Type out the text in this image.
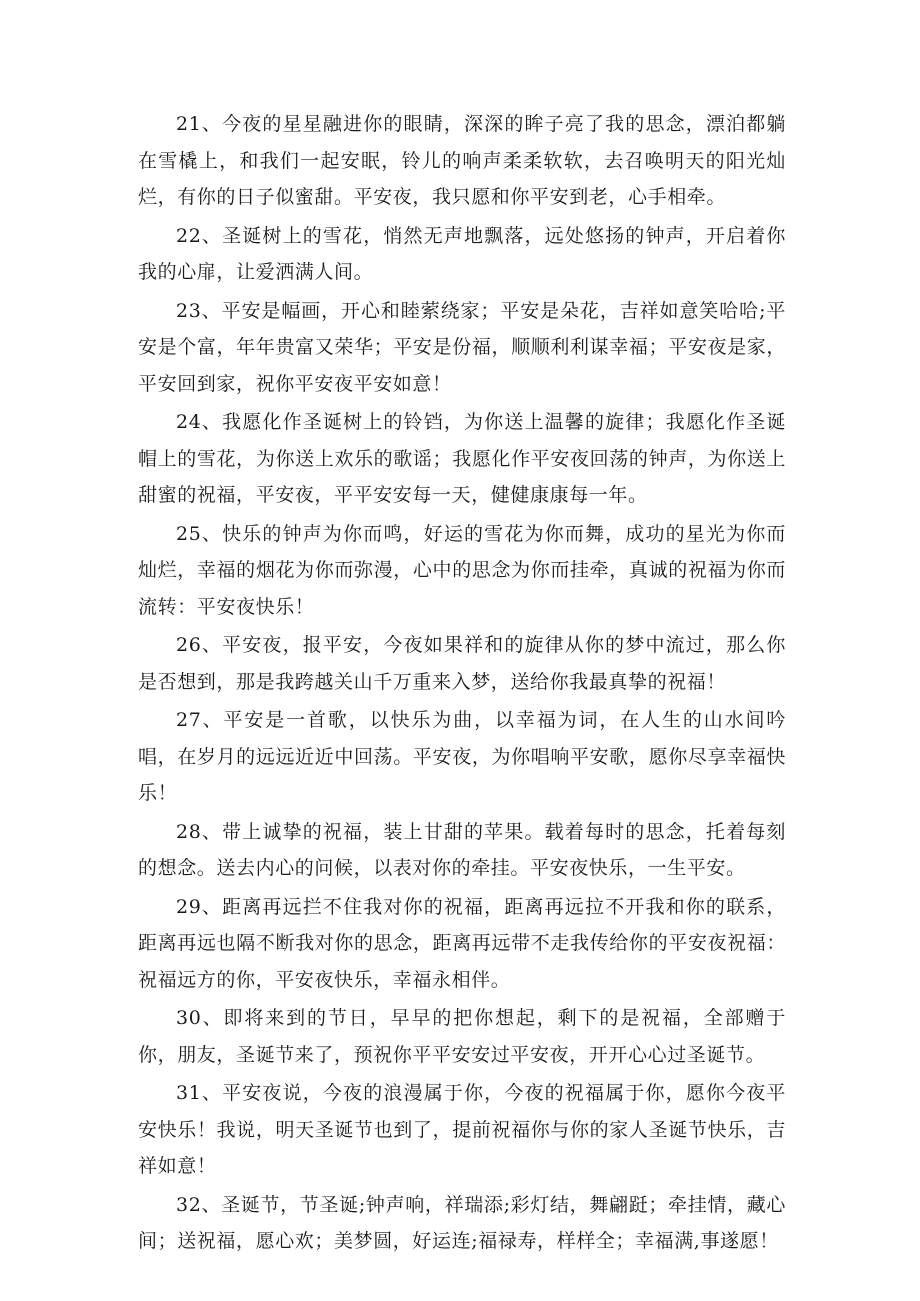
21、今夜的星星融进你的眼睛，深深的眸子亮了我的思念，漂泊都躺在雪橇上，和我们一起安眠，铃儿的响声柔柔软软，去召唤明天的阳光灿烂，有你的日子似蜜甜。平安夜，我只愿和你平安到老，心手相牵。

22、圣诞树上的雪花，悄然无声地飘落，远处悠扬的钟声，开启着你我的心扉，让爱洒满人间。

23、平安是幅画，开心和睦萦绕家；平安是朵花，吉祥如意笑哈哈;平安是个富，年年贵富又荣华；平安是份福，顺顺利利谋幸福；平安夜是家，平安回到家，祝你平安夜平安如意！

24、我愿化作圣诞树上的铃铛，为你送上温馨的旋律；我愿化作圣诞帽上的雪花，为你送上欢乐的歌谣；我愿化作平安夜回荡的钟声，为你送上甜蜜的祝福，平安夜，平平安安每一天，健健康康每一年。

25、快乐的钟声为你而鸣，好运的雪花为你而舞，成功的星光为你而灿烂，幸福的烟花为你而弥漫，心中的思念为你而挂牵，真诚的祝福为你而流转：平安夜快乐！

26、平安夜，报平安，今夜如果祥和的旋律从你的梦中流过，那么你是否想到，那是我跨越关山千万重来入梦，送给你我最真挚的祝福！

27、平安是一首歌，以快乐为曲，以幸福为词，在人生的山水间吟唱，在岁月的远远近近中回荡。平安夜，为你唱响平安歌，愿你尽享幸福快乐！

28、带上诚挚的祝福，装上甘甜的苹果。载着每时的思念，托着每刻的想念。送去内心的问候，以表对你的牵挂。平安夜快乐，一生平安。

29、距离再远拦不住我对你的祝福，距离再远拉不开我和你的联系，距离再远也隔不断我对你的思念，距离再远带不走我传给你的平安夜祝福：祝福远方的你，平安夜快乐，幸福永相伴。

30、即将来到的节日，早早的把你想起，剩下的是祝福，全部赠于你，朋友，圣诞节来了，预祝你平平安安过平安夜，开开心心过圣诞节。

31、平安夜说，今夜的浪漫属于你，今夜的祝福属于你，愿你今夜平安快乐！我说，明天圣诞节也到了，提前祝福你与你的家人圣诞节快乐，吉祥如意！

32、圣诞节，节圣诞;钟声响，祥瑞添;彩灯结，舞翩跹；牵挂情，藏心间；送祝福，愿心欢；美梦圆，好运连;福禄寿，样样全；幸福满,事遂愿！
